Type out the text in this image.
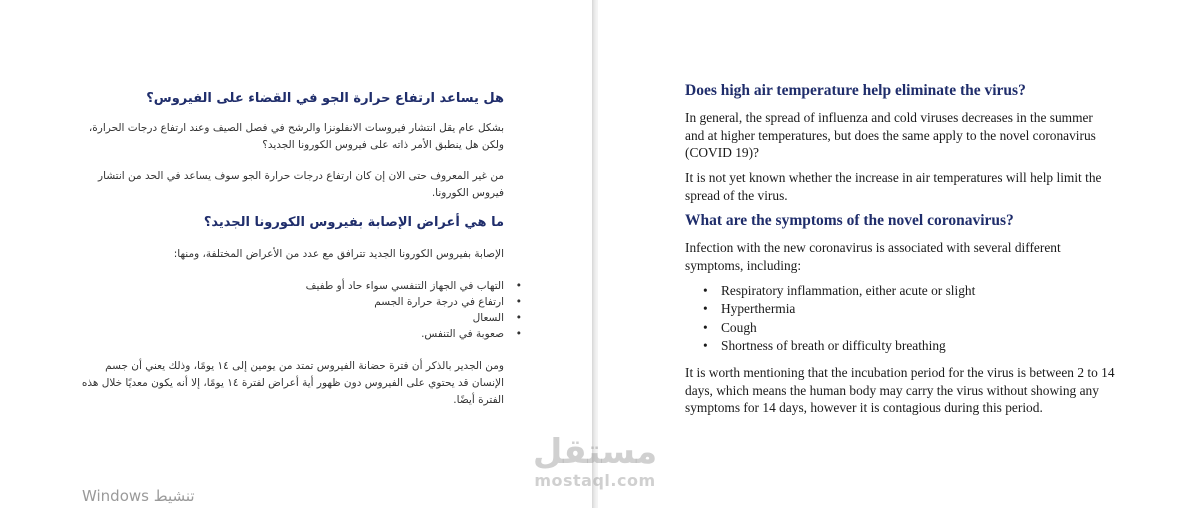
هل يساعد ارتفاع حرارة الجو في القضاء على الفيروس؟

بشكل عام يقل انتشار فيروسات الانفلونزا والرشح في فصل الصيف وعند ارتفاع درجات الحرارة، ولكن هل ينطبق الأمر ذاته على فيروس الكورونا الجديد؟

من غير المعروف حتى الان إن كان ارتفاع درجات حرارة الجو سوف يساعد في الحد من انتشار فيروس الكورونا.

ما هي أعراض الإصابة بفيروس الكورونا الجديد؟

الإصابة بفيروس الكورونا الجديد تترافق مع عدد من الأعراض المختلفة، ومنها:

• التهاب في الجهاز التنفسي سواء حاد أو طفيف
• ارتفاع في درجة حرارة الجسم
• السعال
• صعوبة في التنفس.

ومن الجدير بالذكر أن فترة حضانة الفيروس تمتد من يومين إلى ١٤ يومًا، وذلك يعني أن جسم الإنسان قد يحتوي على الفيروس دون ظهور أية أعراض لفترة ١٤ يومًا، إلا أنه يكون معديًا خلال هذه الفترة أيضًا.

Does high air temperature help eliminate the virus?

In general, the spread of influenza and cold viruses decreases in the summer and at higher temperatures, but does the same apply to the novel coronavirus (COVID 19)?

It is not yet known whether the increase in air temperatures will help limit the spread of the virus.

What are the symptoms of the novel coronavirus?

Infection with the new coronavirus is associated with several different symptoms, including:

• Respiratory inflammation, either acute or slight
• Hyperthermia
• Cough
• Shortness of breath or difficulty breathing

It is worth mentioning that the incubation period for the virus is between 2 to 14 days, which means the human body may carry the virus without showing any symptoms for 14 days, however it is contagious during this period.

مستقل
mostaql.com
تنشيط Windows
